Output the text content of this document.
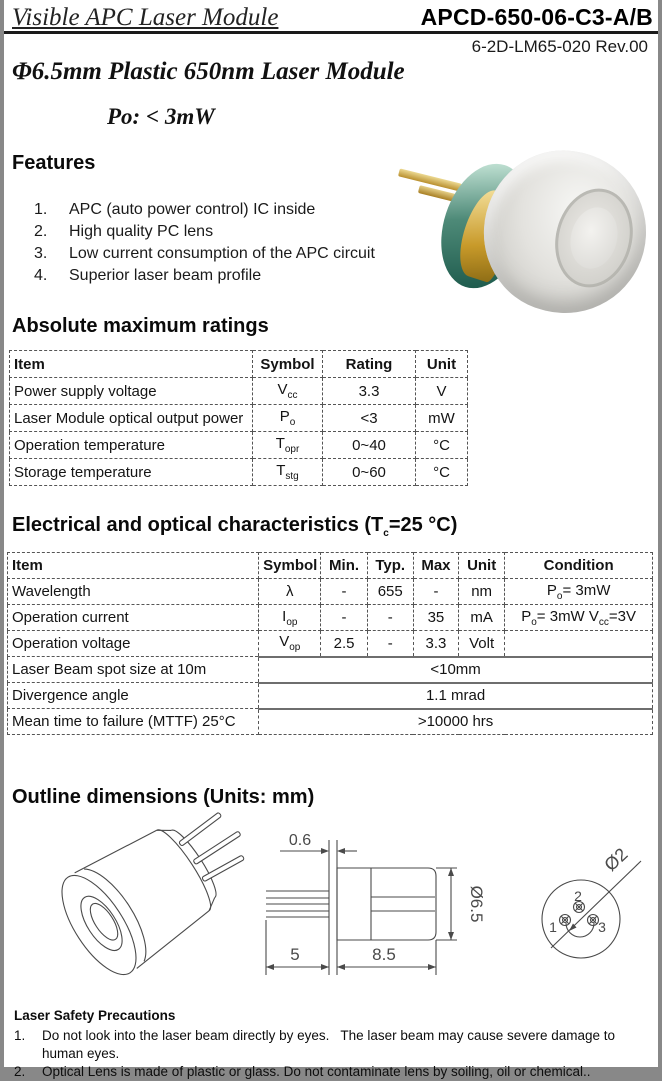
Visible APC Laser Module	APCD-650-06-C3-A/B
6-2D-LM65-020 Rev.00
Φ6.5mm Plastic 650nm Laser Module
Po: < 3mW
Features
1.	APC (auto power control) IC inside
2.	High quality PC lens
3.	Low current consumption of the APC circuit
4.	Superior laser beam profile
Absolute maximum ratings
Item	Symbol	Rating	Unit
Power supply voltage	$V_{cc}$	3.3	V
Laser Module optical output power	$P_o$	<3	mW
Operation temperature	$T_{opr}$	0~40	°C
Storage temperature	$T_{stg}$	0~60	°C
Electrical and optical characteristics ($T_c=25$ °C)
Item	Symbol	Min.	Typ.	Max	Unit	Condition
Wavelength	λ	-	655	-	nm	$P_o= 3mW$
Operation current	$I_{op}$	-	-	35	mA	$P_o= 3mW$ $V_{cc}=3V$
Operation voltage	$V_{op}$	2.5	-	3.3	Volt	
Laser Beam spot size at 10m	<10mm					
Divergence angle	1.1 mrad					
Mean time to failure (MTTF) 25°C	>10000 hrs					
Outline dimensions (Units: mm)
0.6
5	8.5
Ø6.5
1
2
3
Ø2
Laser Safety Precautions
1.	Do not look into the laser beam directly by eyes.   The laser beam may cause severe damage to human eyes.
2.	Optical Lens is made of plastic or glass. Do not contaminate lens by soiling, oil or chemical..
